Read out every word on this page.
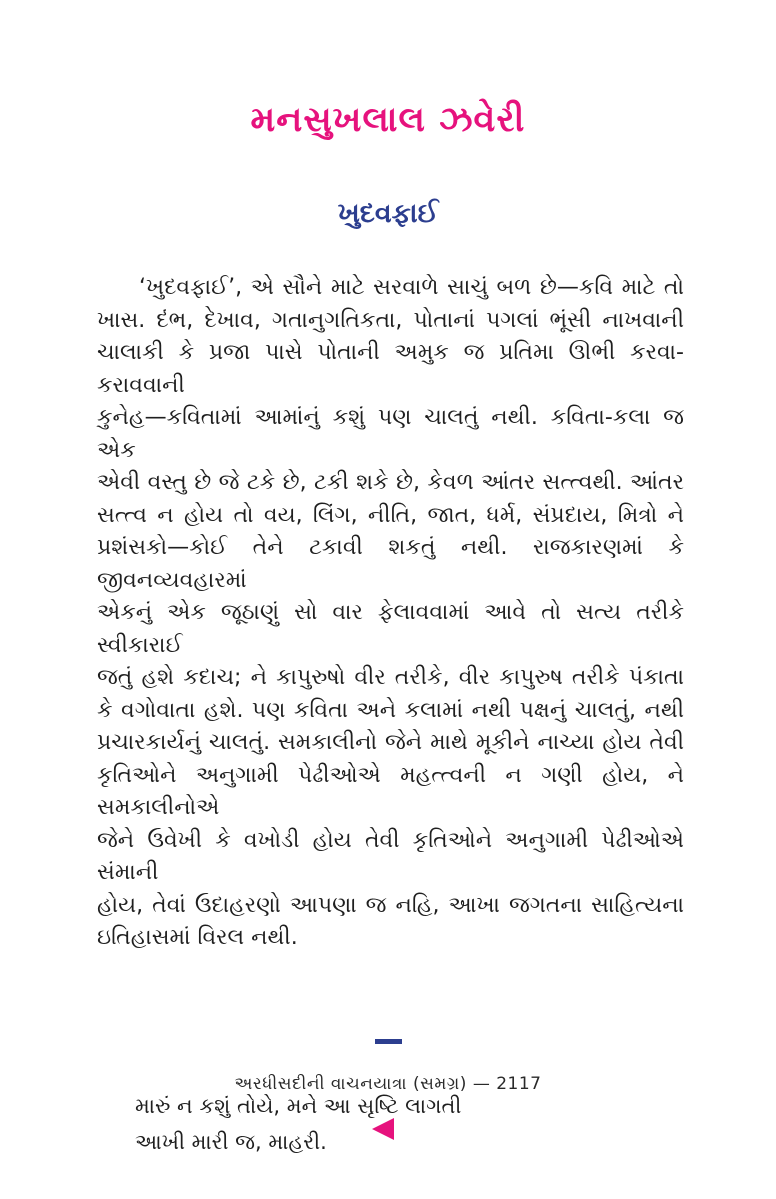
મનસુખલાલ ઝવેરી
ખુદવફાઈ
‘ખુદવફાઈ’, એ સૌને માટે સરવાળે સાચું બળ છે—કવિ માટે તો
ખાસ. દંભ, દેખાવ, ગતાનુગતિકતા, પોતાનાં પગલાં ભૂંસી નાખવાની
ચાલાકી કે પ્રજા પાસે પોતાની અમુક જ પ્રતિમા ઊભી કરવા-કરાવવાની
કુનેહ—કવિતામાં આમાંનું કશું પણ ચાલતું નથી. કવિતા-કલા જ એક
એવી વસ્તુ છે જે ટકે છે, ટકી શકે છે, કેવળ આંતર સત્ત્વથી. આંતર
સત્ત્વ ન હોય તો વય, લિંગ, નીતિ, જાત, ધર્મ, સંપ્રદાય, મિત્રો ને
પ્રશંસકો—કોઈ તેને ટકાવી શકતું નથી. રાજકારણમાં કે જીવનવ્યવહારમાં
એકનું એક જૂઠાણું સો વાર ફેલાવવામાં આવે તો સત્ય તરીકે સ્વીકારાઈ
જતું હશે કદાચ; ને કાપુરુષો વીર તરીકે, વીર કાપુરુષ તરીકે પંકાતા
કે વગોવાતા હશે. પણ કવિતા અને કલામાં નથી પક્ષનું ચાલતું, નથી
પ્રચારકાર્યનું ચાલતું. સમકાલીનો જેને માથે મૂકીને નાચ્યા હોય તેવી
કૃતિઓને અનુગામી પેઢીઓએ મહત્ત્વની ન ગણી હોય, ને સમકાલીનોએ
જેને ઉવેખી કે વખોડી હોય તેવી કૃતિઓને અનુગામી પેઢીઓએ સંમાની
હોય, તેવાં ઉદાહરણો આપણા જ નહિ, આખા જગતના સાહિત્યના
ઇતિહાસમાં વિરલ નથી.
મારું ન કશું તોયે, મને આ સૃષ્ટિ લાગતી
આખી મારી જ, માહરી.
અરધીસદીની વાચનયાત્રા (સમગ્ર) — 2117
